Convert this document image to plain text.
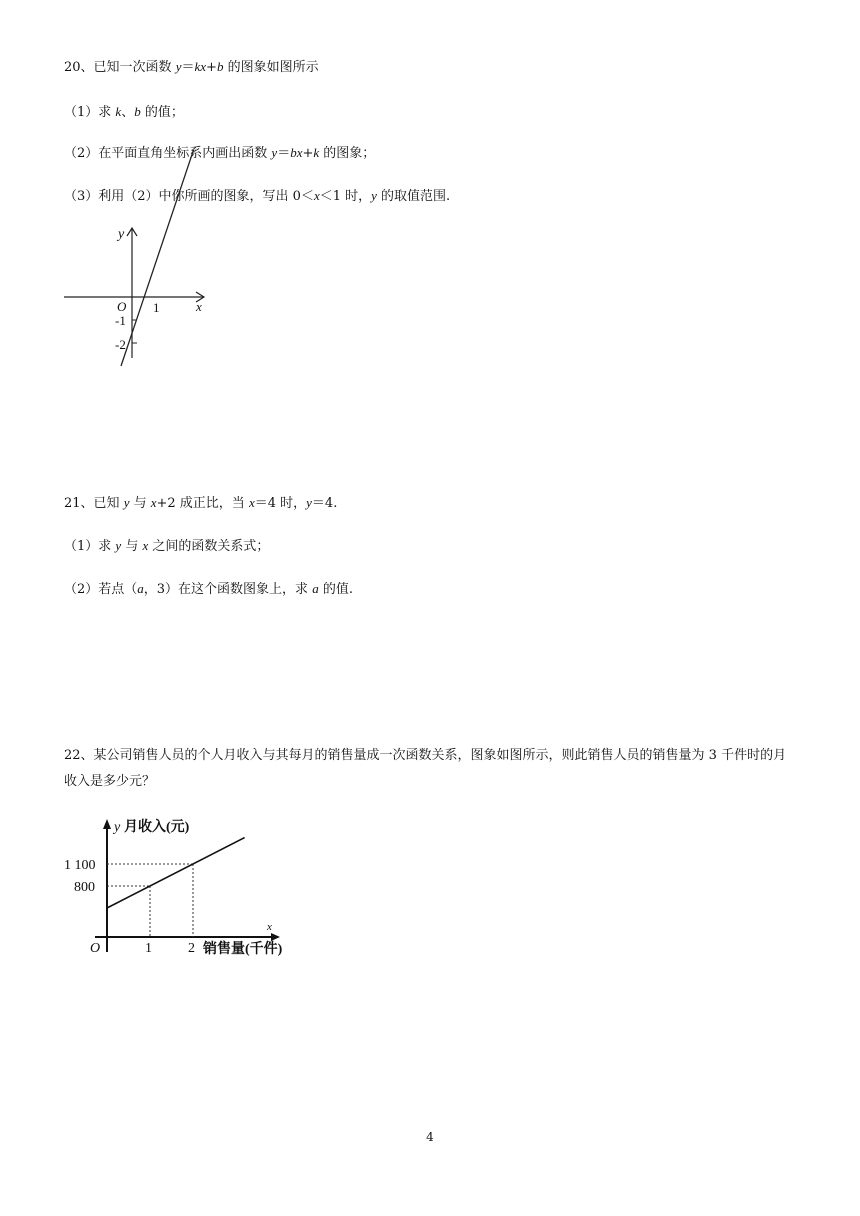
20、已知一次函数 y＝kx+b 的图象如图所示
（1）求 k、b 的值；
（2）在平面直角坐标系内画出函数 y＝bx+k 的图象；
（3）利用（2）中你所画的图象，写出 0＜x＜1 时，y 的取值范围.
y
x
O 1
-1
-2
21、已知 y 与 x+2 成正比，当 x＝4 时，y＝4.
（1）求 y 与 x 之间的函数关系式；
（2）若点（a，3）在这个函数图象上，求 a 的值.
22、某公司销售人员的个人月收入与其每月的销售量成一次函数关系，图象如图所示，则此销售人员的销售量为 3 千件时的月收入是多少元？
y 月收入(元)
1 100
800
O	1	2
x
销售量(千件)
4
